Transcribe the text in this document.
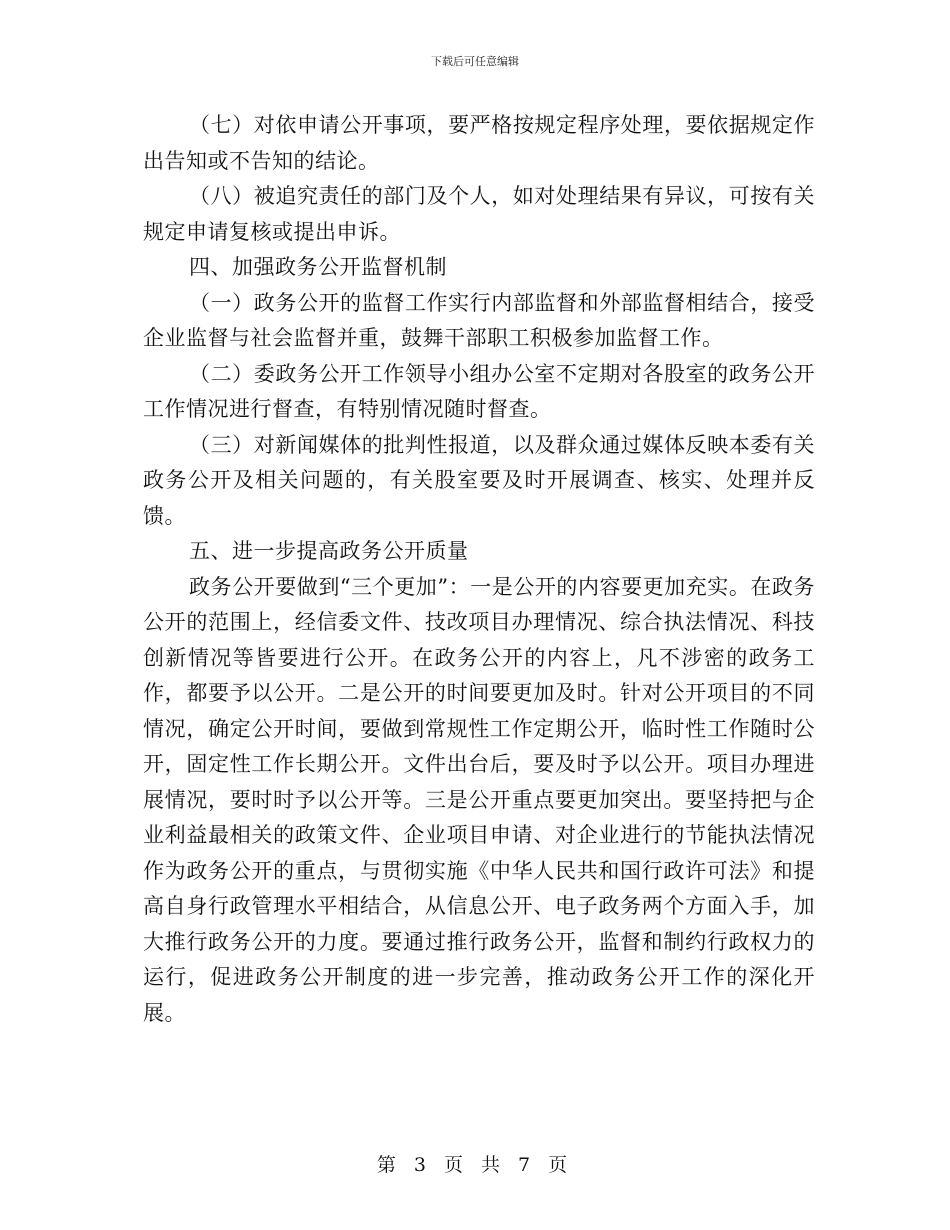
下载后可任意编辑

（七）对依申请公开事项，要严格按规定程序处理，要依据规定作出告知或不告知的结论。

（八）被追究责任的部门及个人，如对处理结果有异议，可按有关规定申请复核或提出申诉。

四、加强政务公开监督机制

（一）政务公开的监督工作实行内部监督和外部监督相结合，接受企业监督与社会监督并重，鼓舞干部职工积极参加监督工作。

（二）委政务公开工作领导小组办公室不定期对各股室的政务公开工作情况进行督查，有特别情况随时督查。

（三）对新闻媒体的批判性报道，以及群众通过媒体反映本委有关政务公开及相关问题的，有关股室要及时开展调查、核实、处理并反馈。

五、进一步提高政务公开质量

政务公开要做到“三个更加”：一是公开的内容要更加充实。在政务公开的范围上，经信委文件、技改项目办理情况、综合执法情况、科技创新情况等皆要进行公开。在政务公开的内容上，凡不涉密的政务工作，都要予以公开。二是公开的时间要更加及时。针对公开项目的不同情况，确定公开时间，要做到常规性工作定期公开，临时性工作随时公开，固定性工作长期公开。文件出台后，要及时予以公开。项目办理进展情况，要时时予以公开等。三是公开重点要更加突出。要坚持把与企业利益最相关的政策文件、企业项目申请、对企业进行的节能执法情况作为政务公开的重点，与贯彻实施《中华人民共和国行政许可法》和提高自身行政管理水平相结合，从信息公开、电子政务两个方面入手，加大推行政务公开的力度。要通过推行政务公开，监督和制约行政权力的运行，促进政务公开制度的进一步完善，推动政务公开工作的深化开展。

第 3 页 共 7 页
